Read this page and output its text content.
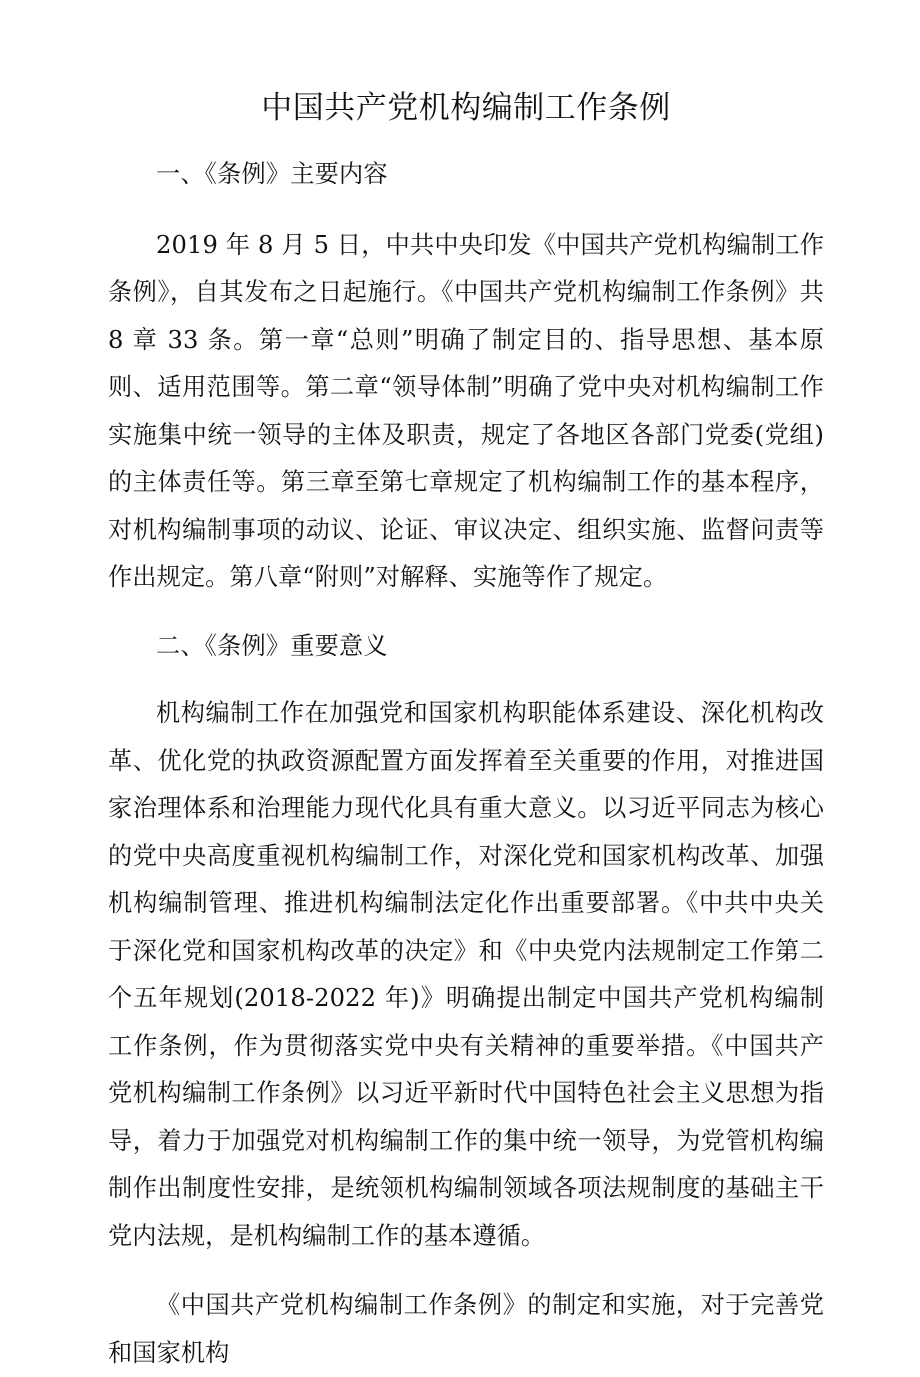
中国共产党机构编制工作条例
一、《条例》主要内容

2019 年 8 月 5 日，中共中央印发《中国共产党机构编制工作条例》，自其发布之日起施行。《中国共产党机构编制工作条例》共 8 章 33 条。第一章“总则”明确了制定目的、指导思想、基本原则、适用范围等。第二章“领导体制”明确了党中央对机构编制工作实施集中统一领导的主体及职责，规定了各地区各部门党委(党组)的主体责任等。第三章至第七章规定了机构编制工作的基本程序，对机构编制事项的动议、论证、审议决定、组织实施、监督问责等作出规定。第八章“附则”对解释、实施等作了规定。

二、《条例》重要意义

机构编制工作在加强党和国家机构职能体系建设、深化机构改革、优化党的执政资源配置方面发挥着至关重要的作用，对推进国家治理体系和治理能力现代化具有重大意义。以习近平同志为核心的党中央高度重视机构编制工作，对深化党和国家机构改革、加强机构编制管理、推进机构编制法定化作出重要部署。《中共中央关于深化党和国家机构改革的决定》和《中央党内法规制定工作第二个五年规划(2018-2022 年)》明确提出制定中国共产党机构编制工作条例，作为贯彻落实党中央有关精神的重要举措。《中国共产党机构编制工作条例》以习近平新时代中国特色社会主义思想为指导，着力于加强党对机构编制工作的集中统一领导，为党管机构编制作出制度性安排，是统领机构编制领域各项法规制度的基础主干党内法规，是机构编制工作的基本遵循。

《中国共产党机构编制工作条例》的制定和实施，对于完善党和国家机构
